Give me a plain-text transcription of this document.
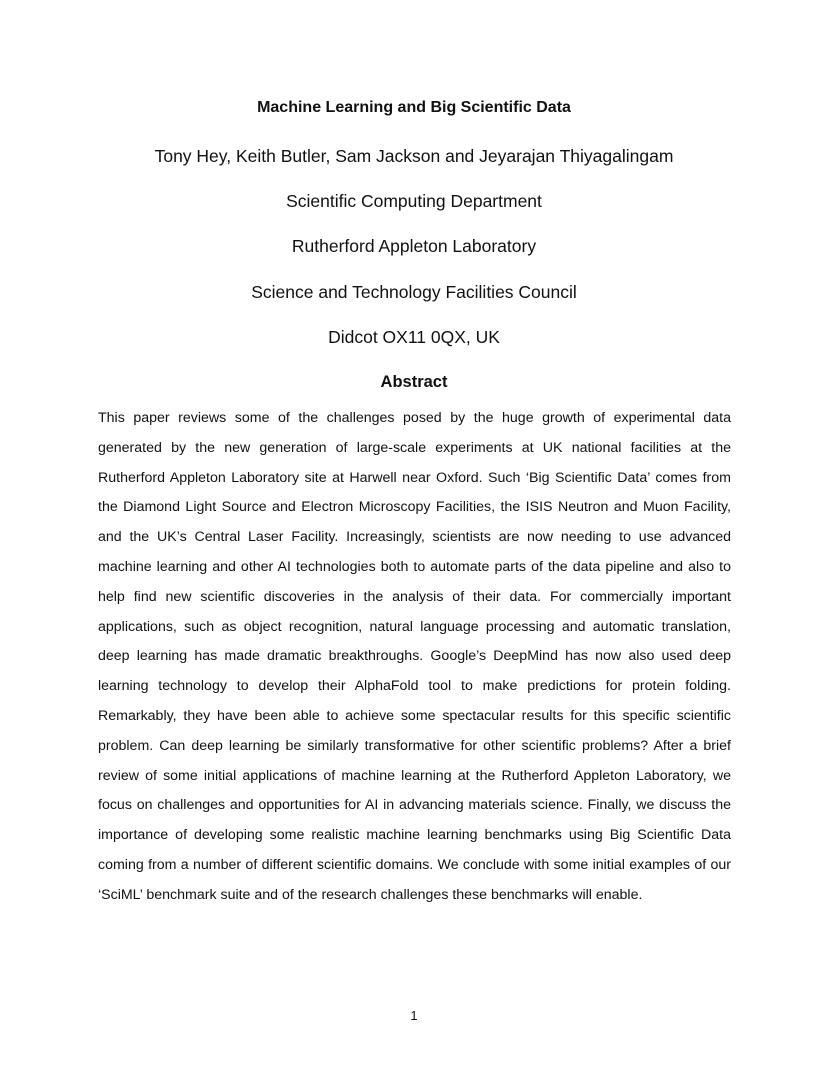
Machine Learning and Big Scientific Data
Tony Hey, Keith Butler, Sam Jackson and Jeyarajan Thiyagalingam
Scientific Computing Department
Rutherford Appleton Laboratory
Science and Technology Facilities Council
Didcot OX11 0QX, UK
Abstract

This paper reviews some of the challenges posed by the huge growth of experimental data generated by the new generation of large-scale experiments at UK national facilities at the Rutherford Appleton Laboratory site at Harwell near Oxford. Such ‘Big Scientific Data’ comes from the Diamond Light Source and Electron Microscopy Facilities, the ISIS Neutron and Muon Facility, and the UK’s Central Laser Facility. Increasingly, scientists are now needing to use advanced machine learning and other AI technologies both to automate parts of the data pipeline and also to help find new scientific discoveries in the analysis of their data. For commercially important applications, such as object recognition, natural language processing and automatic translation, deep learning has made dramatic breakthroughs. Google’s DeepMind has now also used deep learning technology to develop their AlphaFold tool to make predictions for protein folding. Remarkably, they have been able to achieve some spectacular results for this specific scientific problem. Can deep learning be similarly transformative for other scientific problems? After a brief review of some initial applications of machine learning at the Rutherford Appleton Laboratory, we focus on challenges and opportunities for AI in advancing materials science. Finally, we discuss the importance of developing some realistic machine learning benchmarks using Big Scientific Data coming from a number of different scientific domains. We conclude with some initial examples of our ‘SciML’ benchmark suite and of the research challenges these benchmarks will enable.

1
